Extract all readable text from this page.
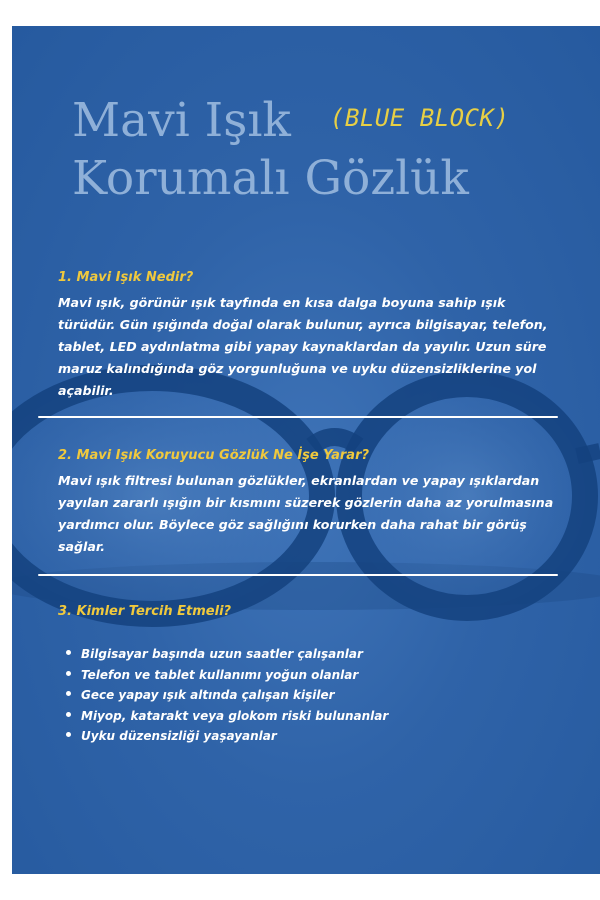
Mavi Işık
Korumalı Gözlük
(BLUE BLOCK)

1. Mavi Işık Nedir?

Mavi ışık, görünür ışık tayfında en kısa dalga boyuna sahip ışık türüdür. Gün ışığında doğal olarak bulunur, ayrıca bilgisayar, telefon, tablet, LED aydınlatma gibi yapay kaynaklardan da yayılır. Uzun süre maruz kalındığında göz yorgunluğuna ve uyku düzensizliklerine yol açabilir.

2. Mavi Işık Koruyucu Gözlük Ne İşe Yarar?

Mavi ışık filtresi bulunan gözlükler, ekranlardan ve yapay ışıklardan yayılan zararlı ışığın bir kısmını süzerek gözlerin daha az yorulmasına yardımcı olur. Böylece göz sağlığını korurken daha rahat bir görüş sağlar.

3. Kimler Tercih Etmeli?

Bilgisayar başında uzun saatler çalışanlar
Telefon ve tablet kullanımı yoğun olanlar
Gece yapay ışık altında çalışan kişiler
Miyop, katarakt veya glokom riski bulunanlar
Uyku düzensizliği yaşayanlar
